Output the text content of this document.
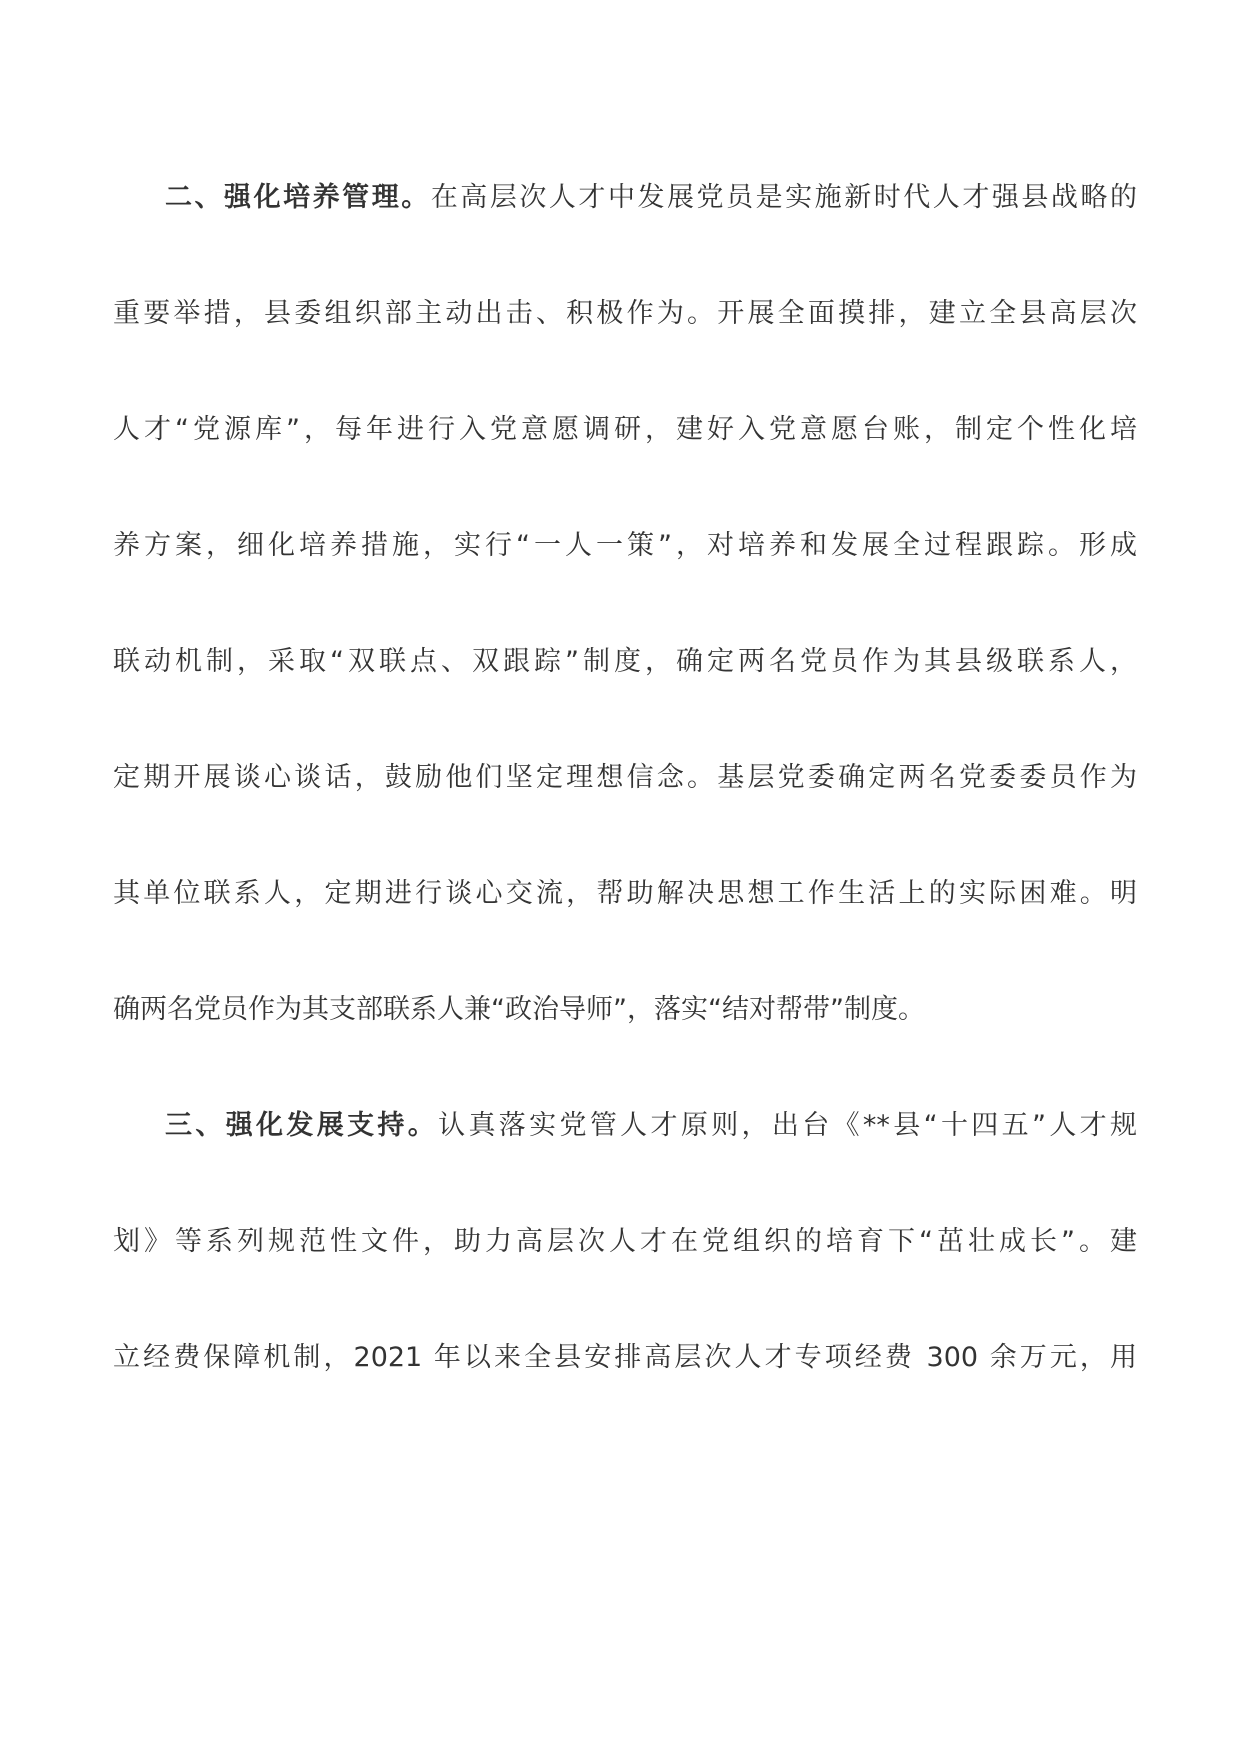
二、强化培养管理。在高层次人才中发展党员是实施新时代人才强县战略的
重要举措，县委组织部主动出击、积极作为。开展全面摸排，建立全县高层次
人才“党源库”，每年进行入党意愿调研，建好入党意愿台账，制定个性化培
养方案，细化培养措施，实行“一人一策”，对培养和发展全过程跟踪。形成
联动机制，采取“双联点、双跟踪”制度，确定两名党员作为其县级联系人，
定期开展谈心谈话，鼓励他们坚定理想信念。基层党委确定两名党委委员作为
其单位联系人，定期进行谈心交流，帮助解决思想工作生活上的实际困难。明
确两名党员作为其支部联系人兼“政治导师”，落实“结对帮带”制度。
三、强化发展支持。认真落实党管人才原则，出台《**县“十四五”人才规
划》等系列规范性文件，助力高层次人才在党组织的培育下“茁壮成长”。建
立经费保障机制，2021 年以来全县安排高层次人才专项经费 300 余万元，用
